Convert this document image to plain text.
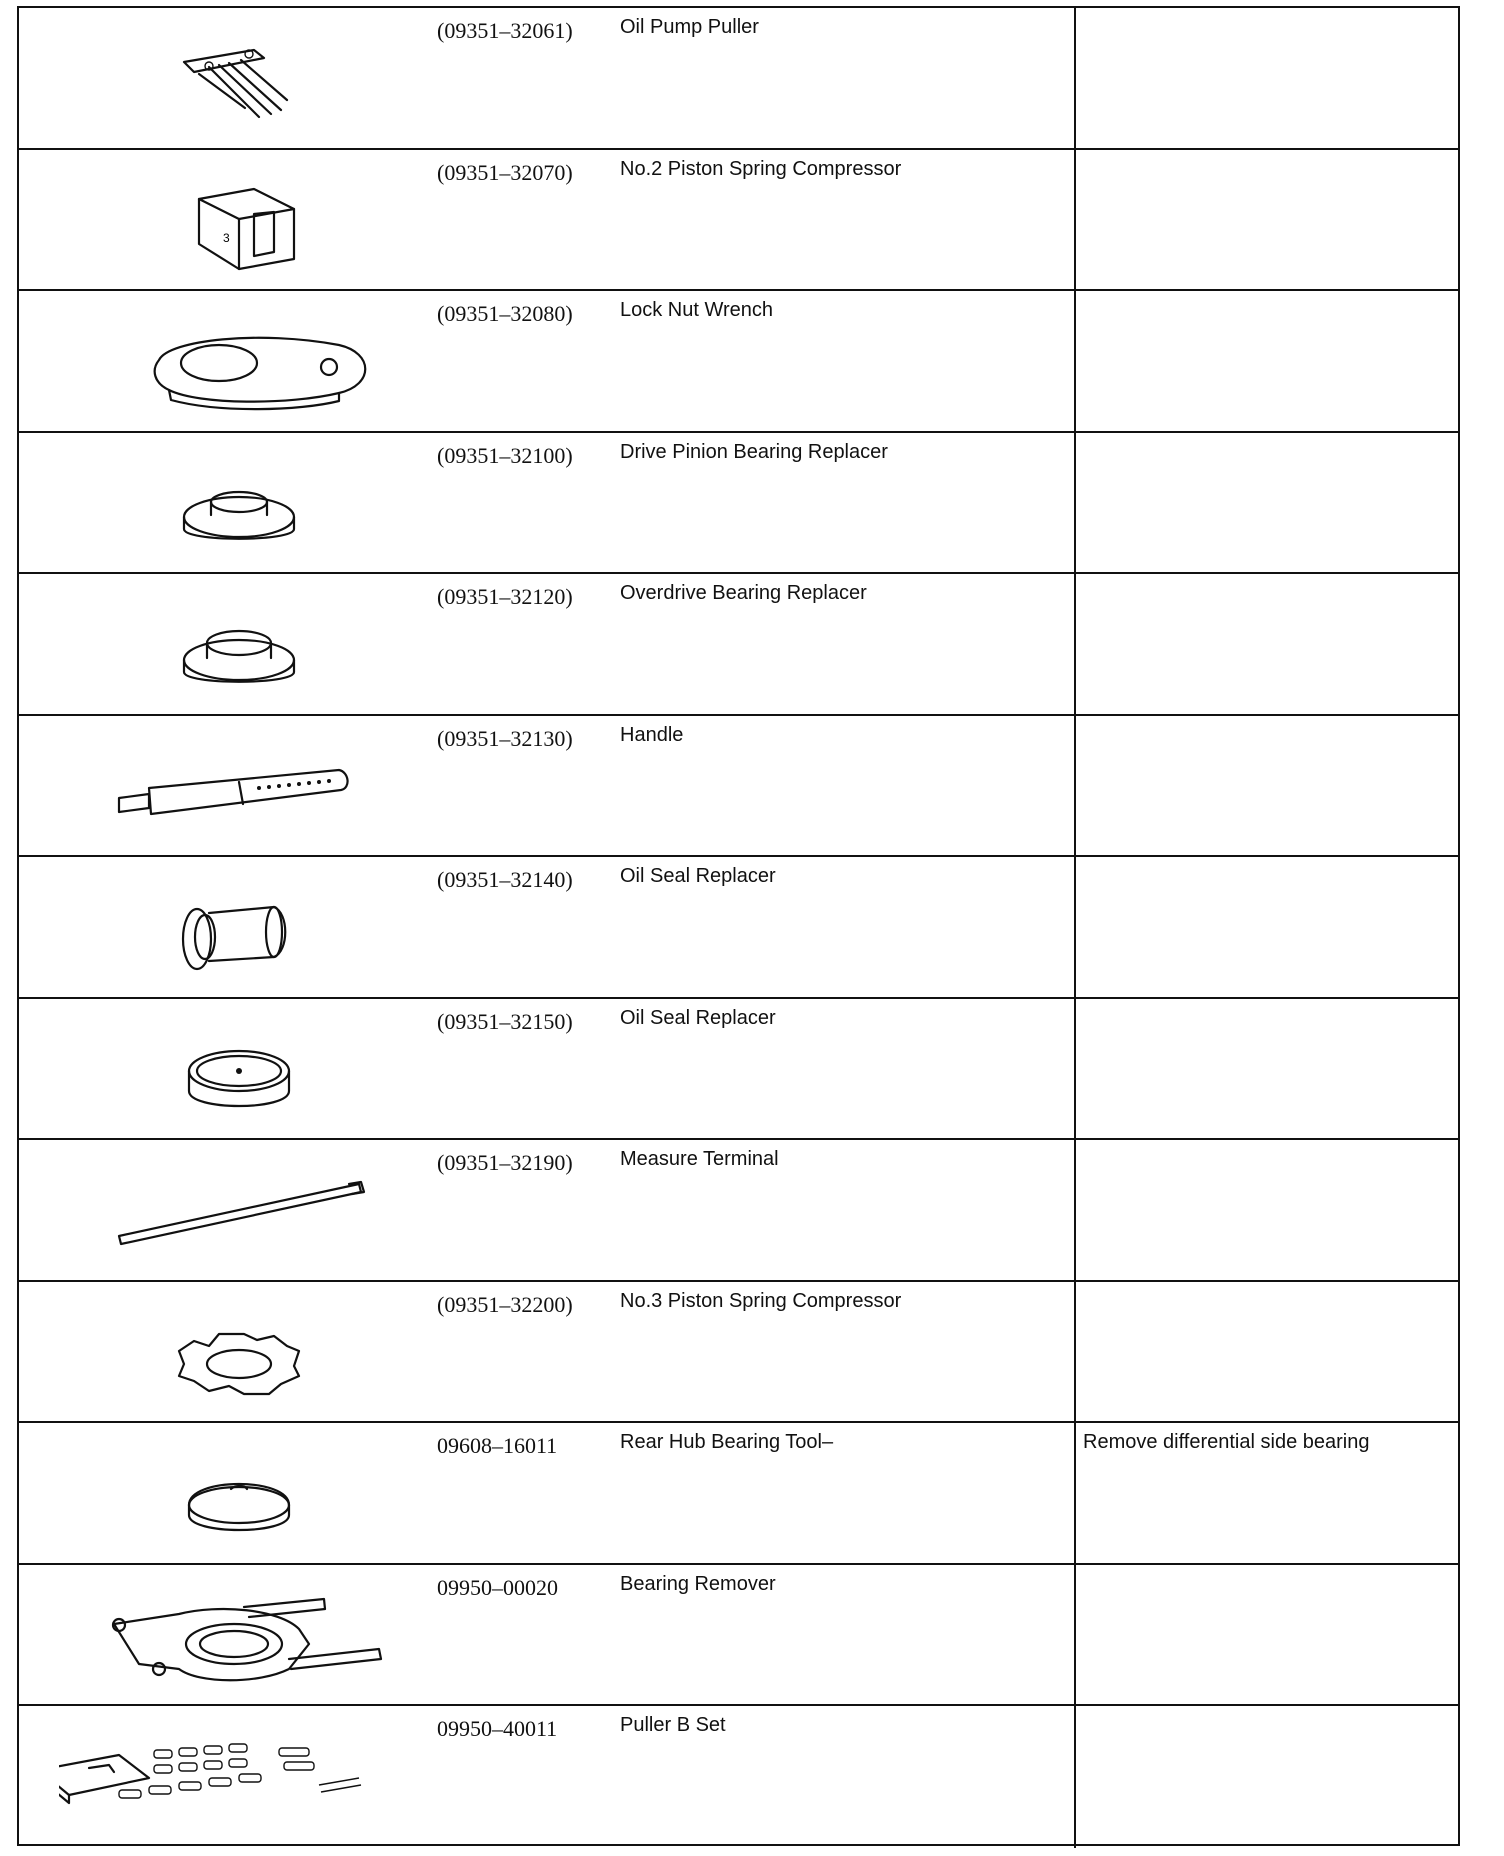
(09351–32061) Oil Pump Puller
3
(09351–32070) No.2 Piston Spring Compressor
(09351–32080) Lock Nut Wrench
(09351–32100) Drive Pinion Bearing Replacer
(09351–32120) Overdrive Bearing Replacer
(09351–32130) Handle
(09351–32140) Oil Seal Replacer
(09351–32150) Oil Seal Replacer
(09351–32190) Measure Terminal
(09351–32200) No.3 Piston Spring Compressor
09608–16011	Rear Hub Bearing Tool–	Remove differential side bearing
09950–00020	Bearing Remover
09950–40011	Puller B Set
